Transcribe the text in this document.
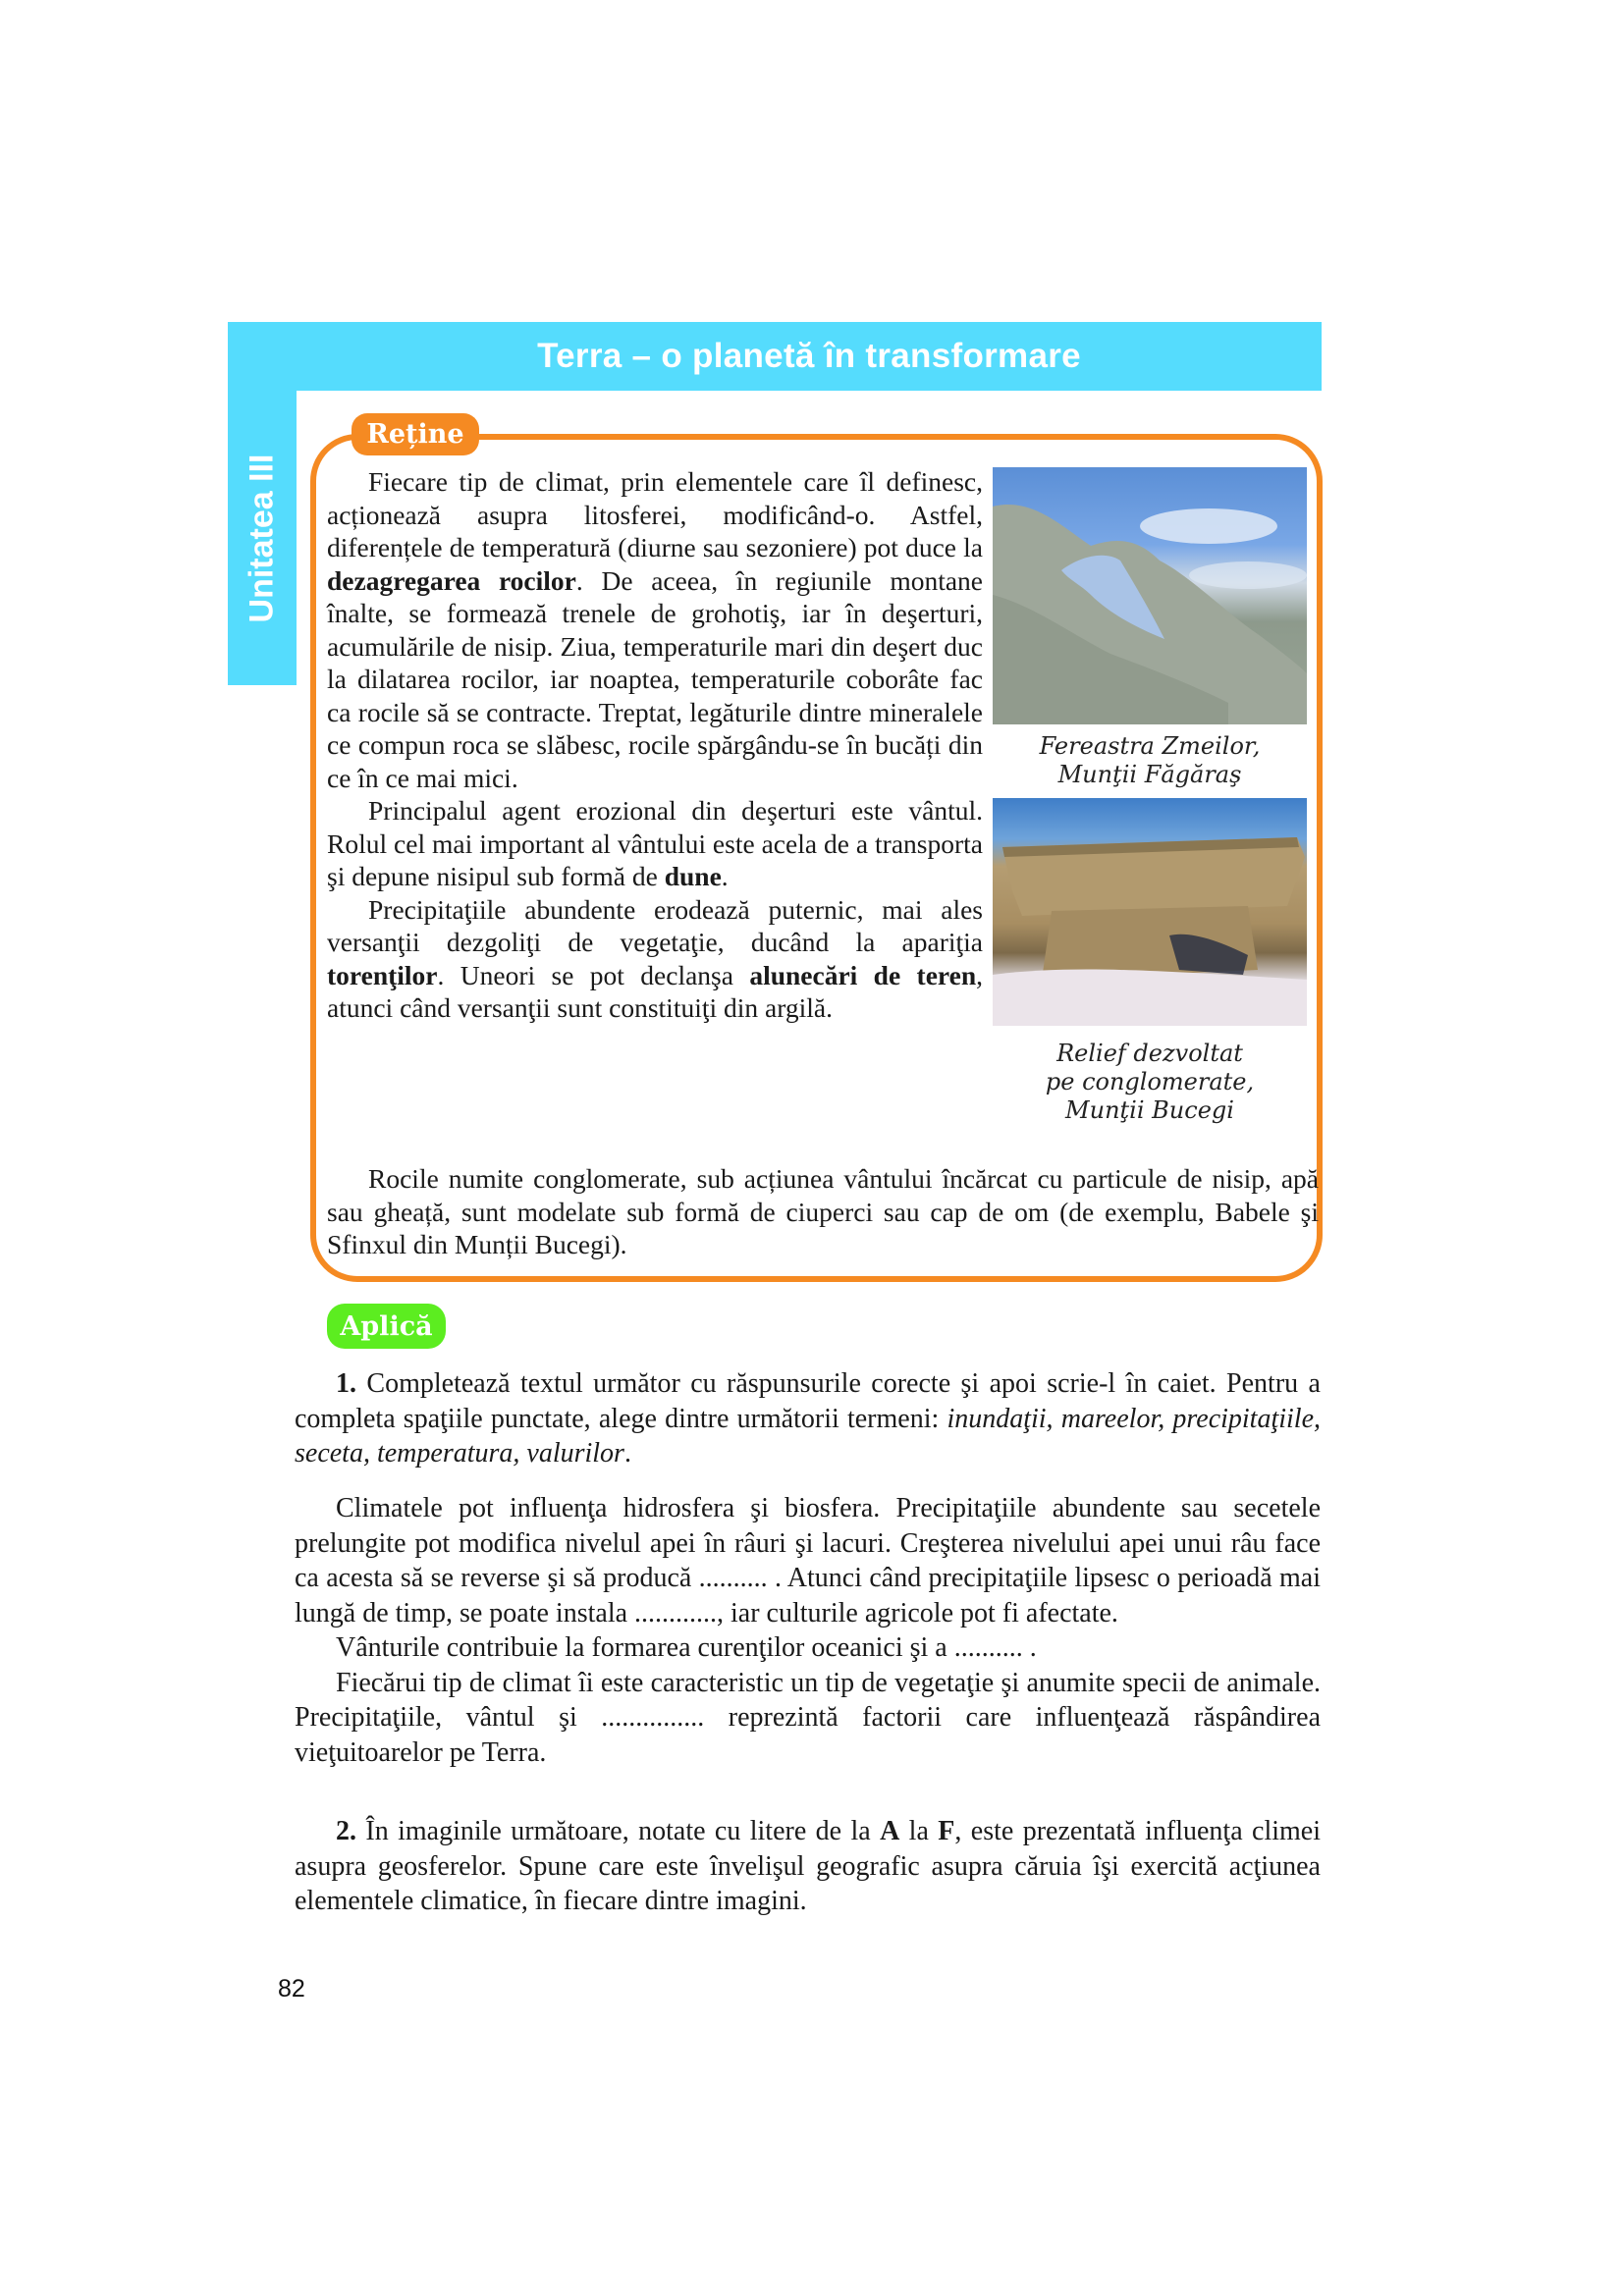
Terra – o planetă în transformare
Unitatea III
Reține

Fiecare tip de climat, prin elementele care îl definesc, acționează asupra litosferei, modificând-o. Astfel, diferențele de temperatură (diurne sau sezoniere) pot duce la dezagregarea rocilor. De aceea, în regiunile montane înalte, se formează trenele de grohotiş, iar în deşerturi, acumulările de nisip. Ziua, temperaturile mari din deşert duc la dilatarea rocilor, iar noaptea, temperaturile coborâte fac ca rocile să se contracte. Treptat, legăturile dintre mineralele ce compun roca se slăbesc, rocile spărgându-se în bucăți din ce în ce mai mici.

Principalul agent erozional din deşerturi este vântul. Rolul cel mai important al vântului este acela de a transporta şi depune nisipul sub formă de dune.

Precipitaţiile abundente erodează puternic, mai ales versanţii dezgoliţi de vegetaţie, ducând la apariţia torenţilor. Uneori se pot declanşa alunecări de teren, atunci când versanţii sunt constituiţi din argilă.

Rocile numite conglomerate, sub acțiunea vântului încărcat cu particule de nisip, apă sau gheață, sunt modelate sub formă de ciuperci sau cap de om (de exemplu, Babele şi Sfinxul din Munții Bucegi).

Fereastra Zmeilor,
Munţii Făgăraş
Relief dezvoltat
pe conglomerate,
Munţii Bucegi
Aplică

1. Completează textul următor cu răspunsurile corecte şi apoi scrie-l în caiet. Pentru a completa spaţiile punctate, alege dintre următorii termeni: inundaţii, mareelor, precipitaţiile, seceta, temperatura, valurilor.

Climatele pot influenţa hidrosfera şi biosfera. Precipitaţiile abundente sau secetele prelungite pot modifica nivelul apei în râuri şi lacuri. Creşterea nivelului apei unui râu face ca acesta să se reverse şi să producă .......... . Atunci când precipitaţiile lipsesc o perioadă mai lungă de timp, se poate instala ............, iar culturile agricole pot fi afectate.

Vânturile contribuie la formarea curenţilor oceanici şi a .......... .

Fiecărui tip de climat îi este caracteristic un tip de vegetaţie şi anumite specii de animale. Precipitaţiile, vântul şi ............... reprezintă factorii care influenţează răspândirea vieţuitoarelor pe Terra.

2. În imaginile următoare, notate cu litere de la A la F, este prezentată influenţa climei asupra geosferelor. Spune care este învelişul geografic asupra căruia îşi exercită acţiunea elementele climatice, în fiecare dintre imagini.

82
